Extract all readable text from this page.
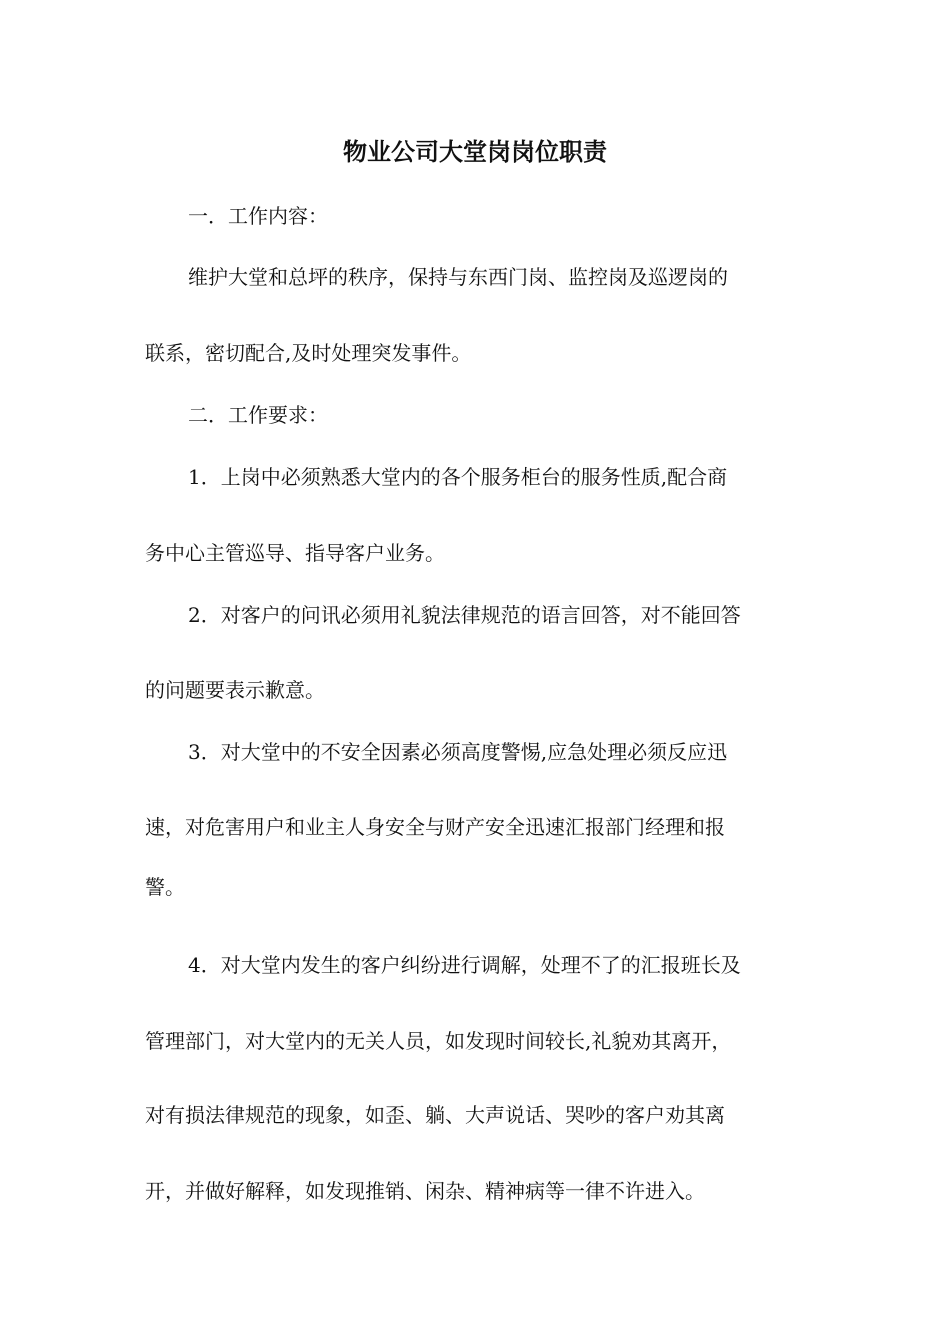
物业公司大堂岗岗位职责
一．工作内容：
维护大堂和总坪的秩序，保持与东西门岗、监控岗及巡逻岗的
联系，密切配合,及时处理突发事件。
二．工作要求：
1．上岗中必须熟悉大堂内的各个服务柜台的服务性质,配合商
务中心主管巡导、指导客户业务。
2．对客户的问讯必须用礼貌法律规范的语言回答，对不能回答
的问题要表示歉意。
3．对大堂中的不安全因素必须高度警惕,应急处理必须反应迅
速，对危害用户和业主人身安全与财产安全迅速汇报部门经理和报
警。
4．对大堂内发生的客户纠纷进行调解，处理不了的汇报班长及
管理部门，对大堂内的无关人员，如发现时间较长,礼貌劝其离开，
对有损法律规范的现象，如歪、躺、大声说话、哭吵的客户劝其离
开，并做好解释，如发现推销、闲杂、精神病等一律不许进入。
